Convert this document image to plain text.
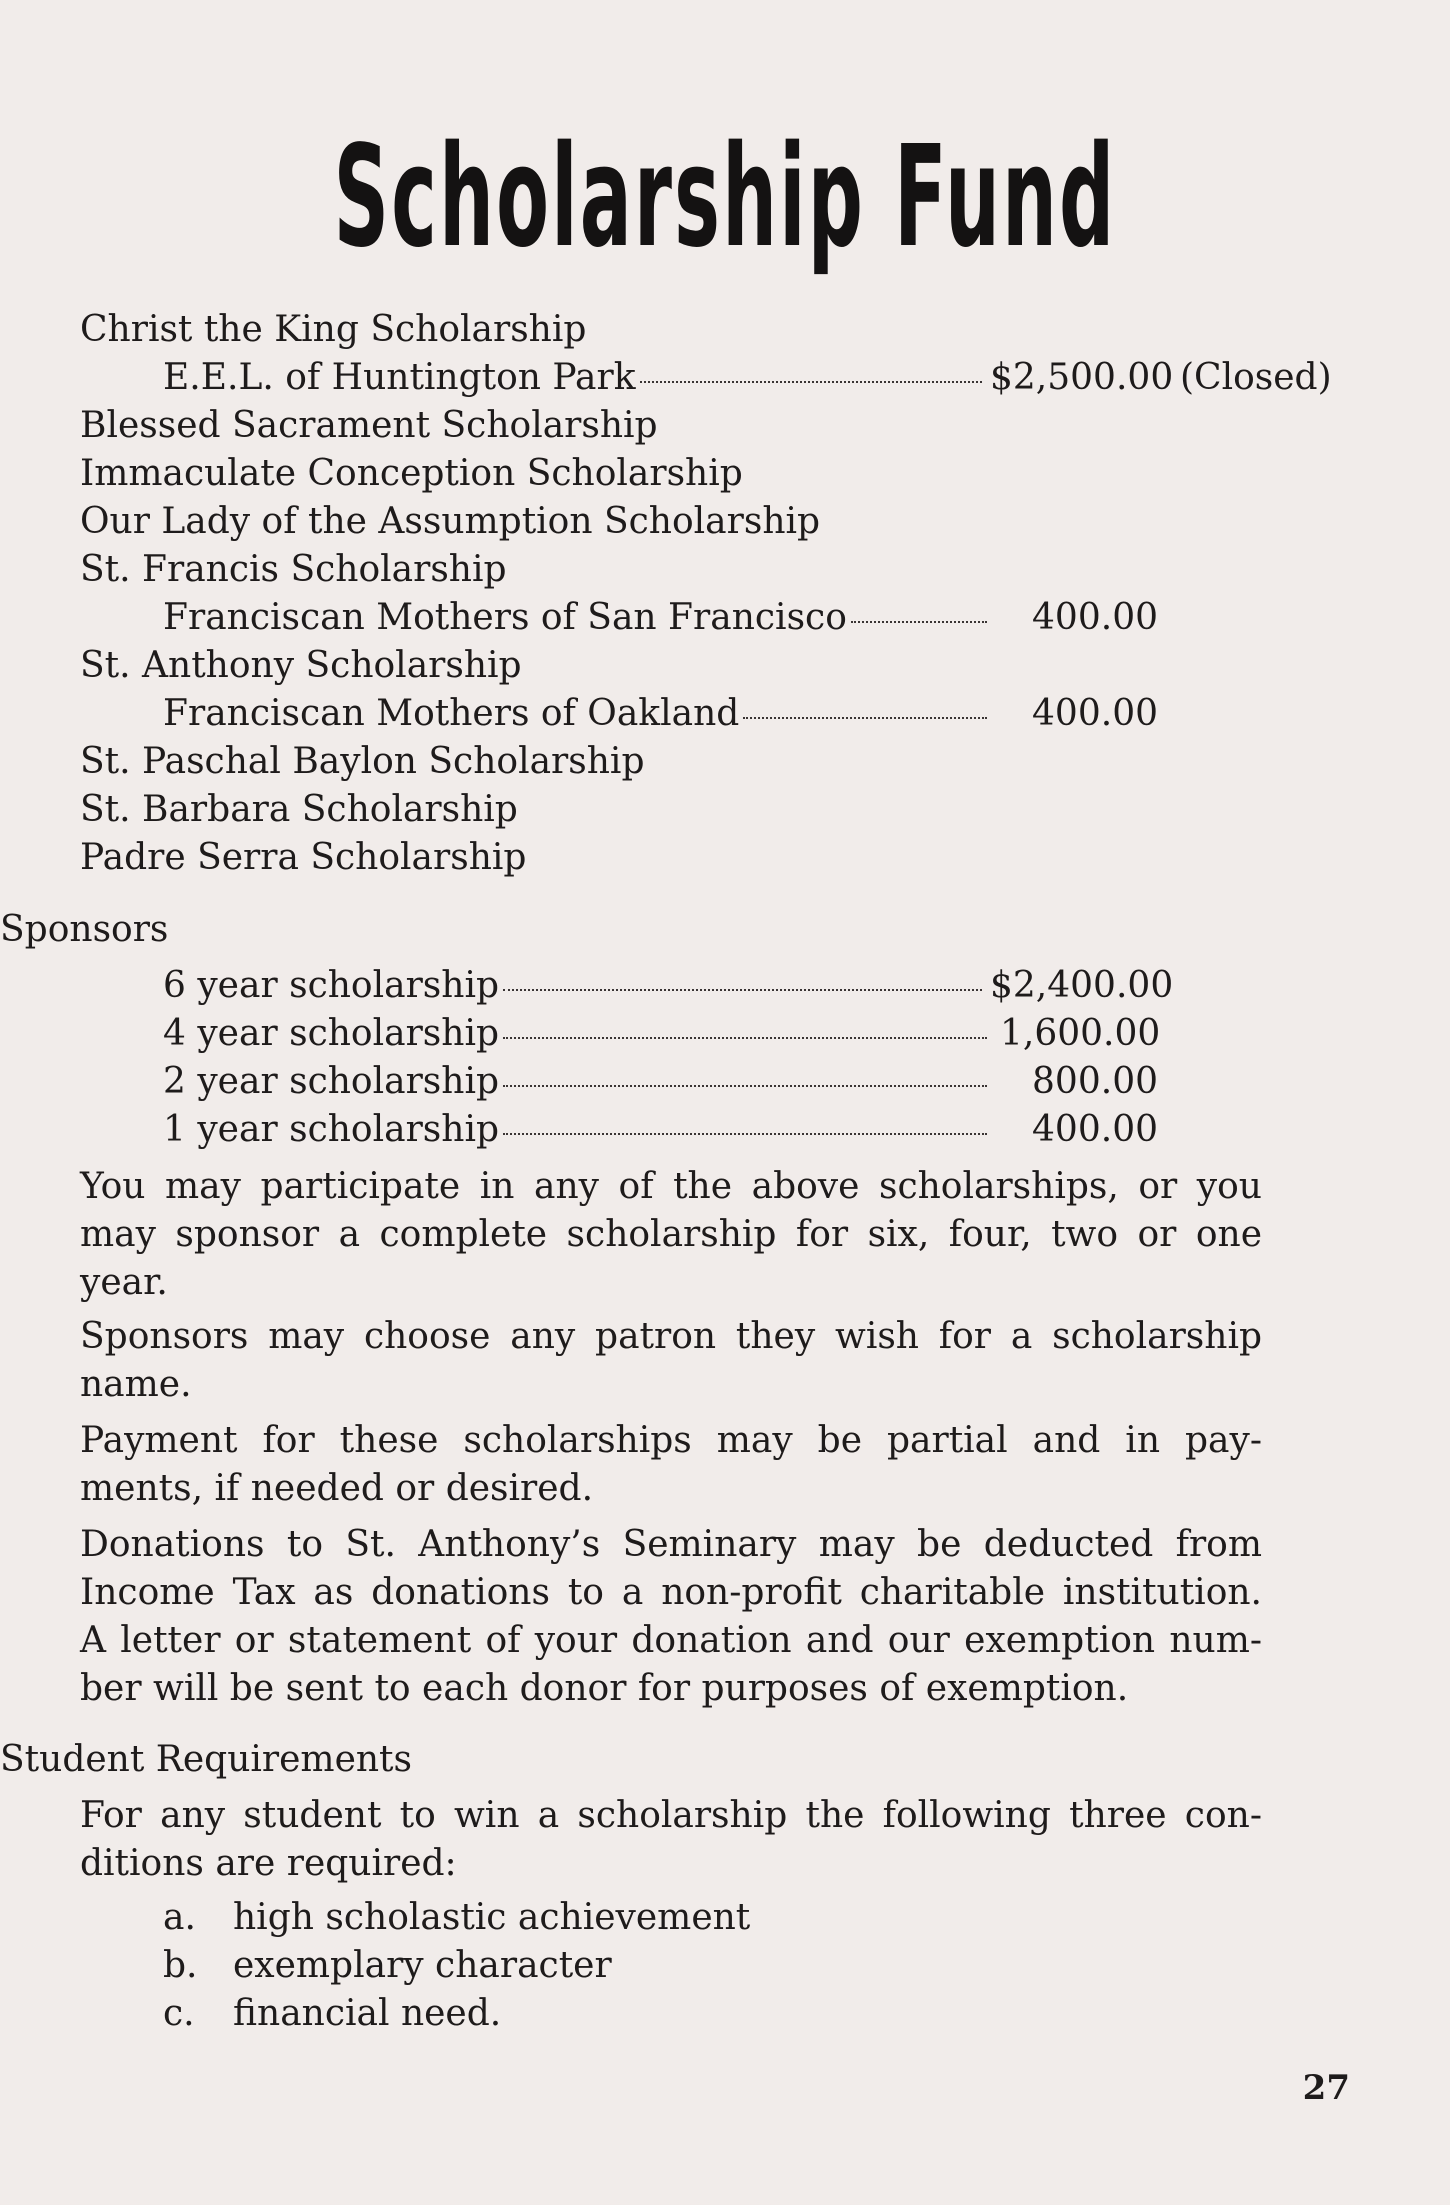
Scholarship Fund
Christ the King Scholarship
E.E.L. of Huntington Park	$2,500.00 (Closed)
Blessed Sacrament Scholarship
Immaculate Conception Scholarship
Our Lady of the Assumption Scholarship
St. Francis Scholarship
Franciscan Mothers of San Francisco	400.00
St. Anthony Scholarship
Franciscan Mothers of Oakland	400.00
St. Paschal Baylon Scholarship
St. Barbara Scholarship
Padre Serra Scholarship
Sponsors
6 year scholarship	$2,400.00
4 year scholarship	1,600.00
2 year scholarship	800.00
1 year scholarship	400.00
You may participate in any of the above scholarships, or you
may sponsor a complete scholarship for six, four, two or one
year.
Sponsors may choose any patron they wish for a scholarship
name.
Payment for these scholarships may be partial and in pay-
ments, if needed or desired.
Donations to St. Anthony’s Seminary may be deducted from
Income Tax as donations to a non-profit charitable institution.
A letter or statement of your donation and our exemption num-
ber will be sent to each donor for purposes of exemption.
Student Requirements
For any student to win a scholarship the following three con-
ditions are required:
a. high scholastic achievement
b. exemplary character
c. financial need.
27
